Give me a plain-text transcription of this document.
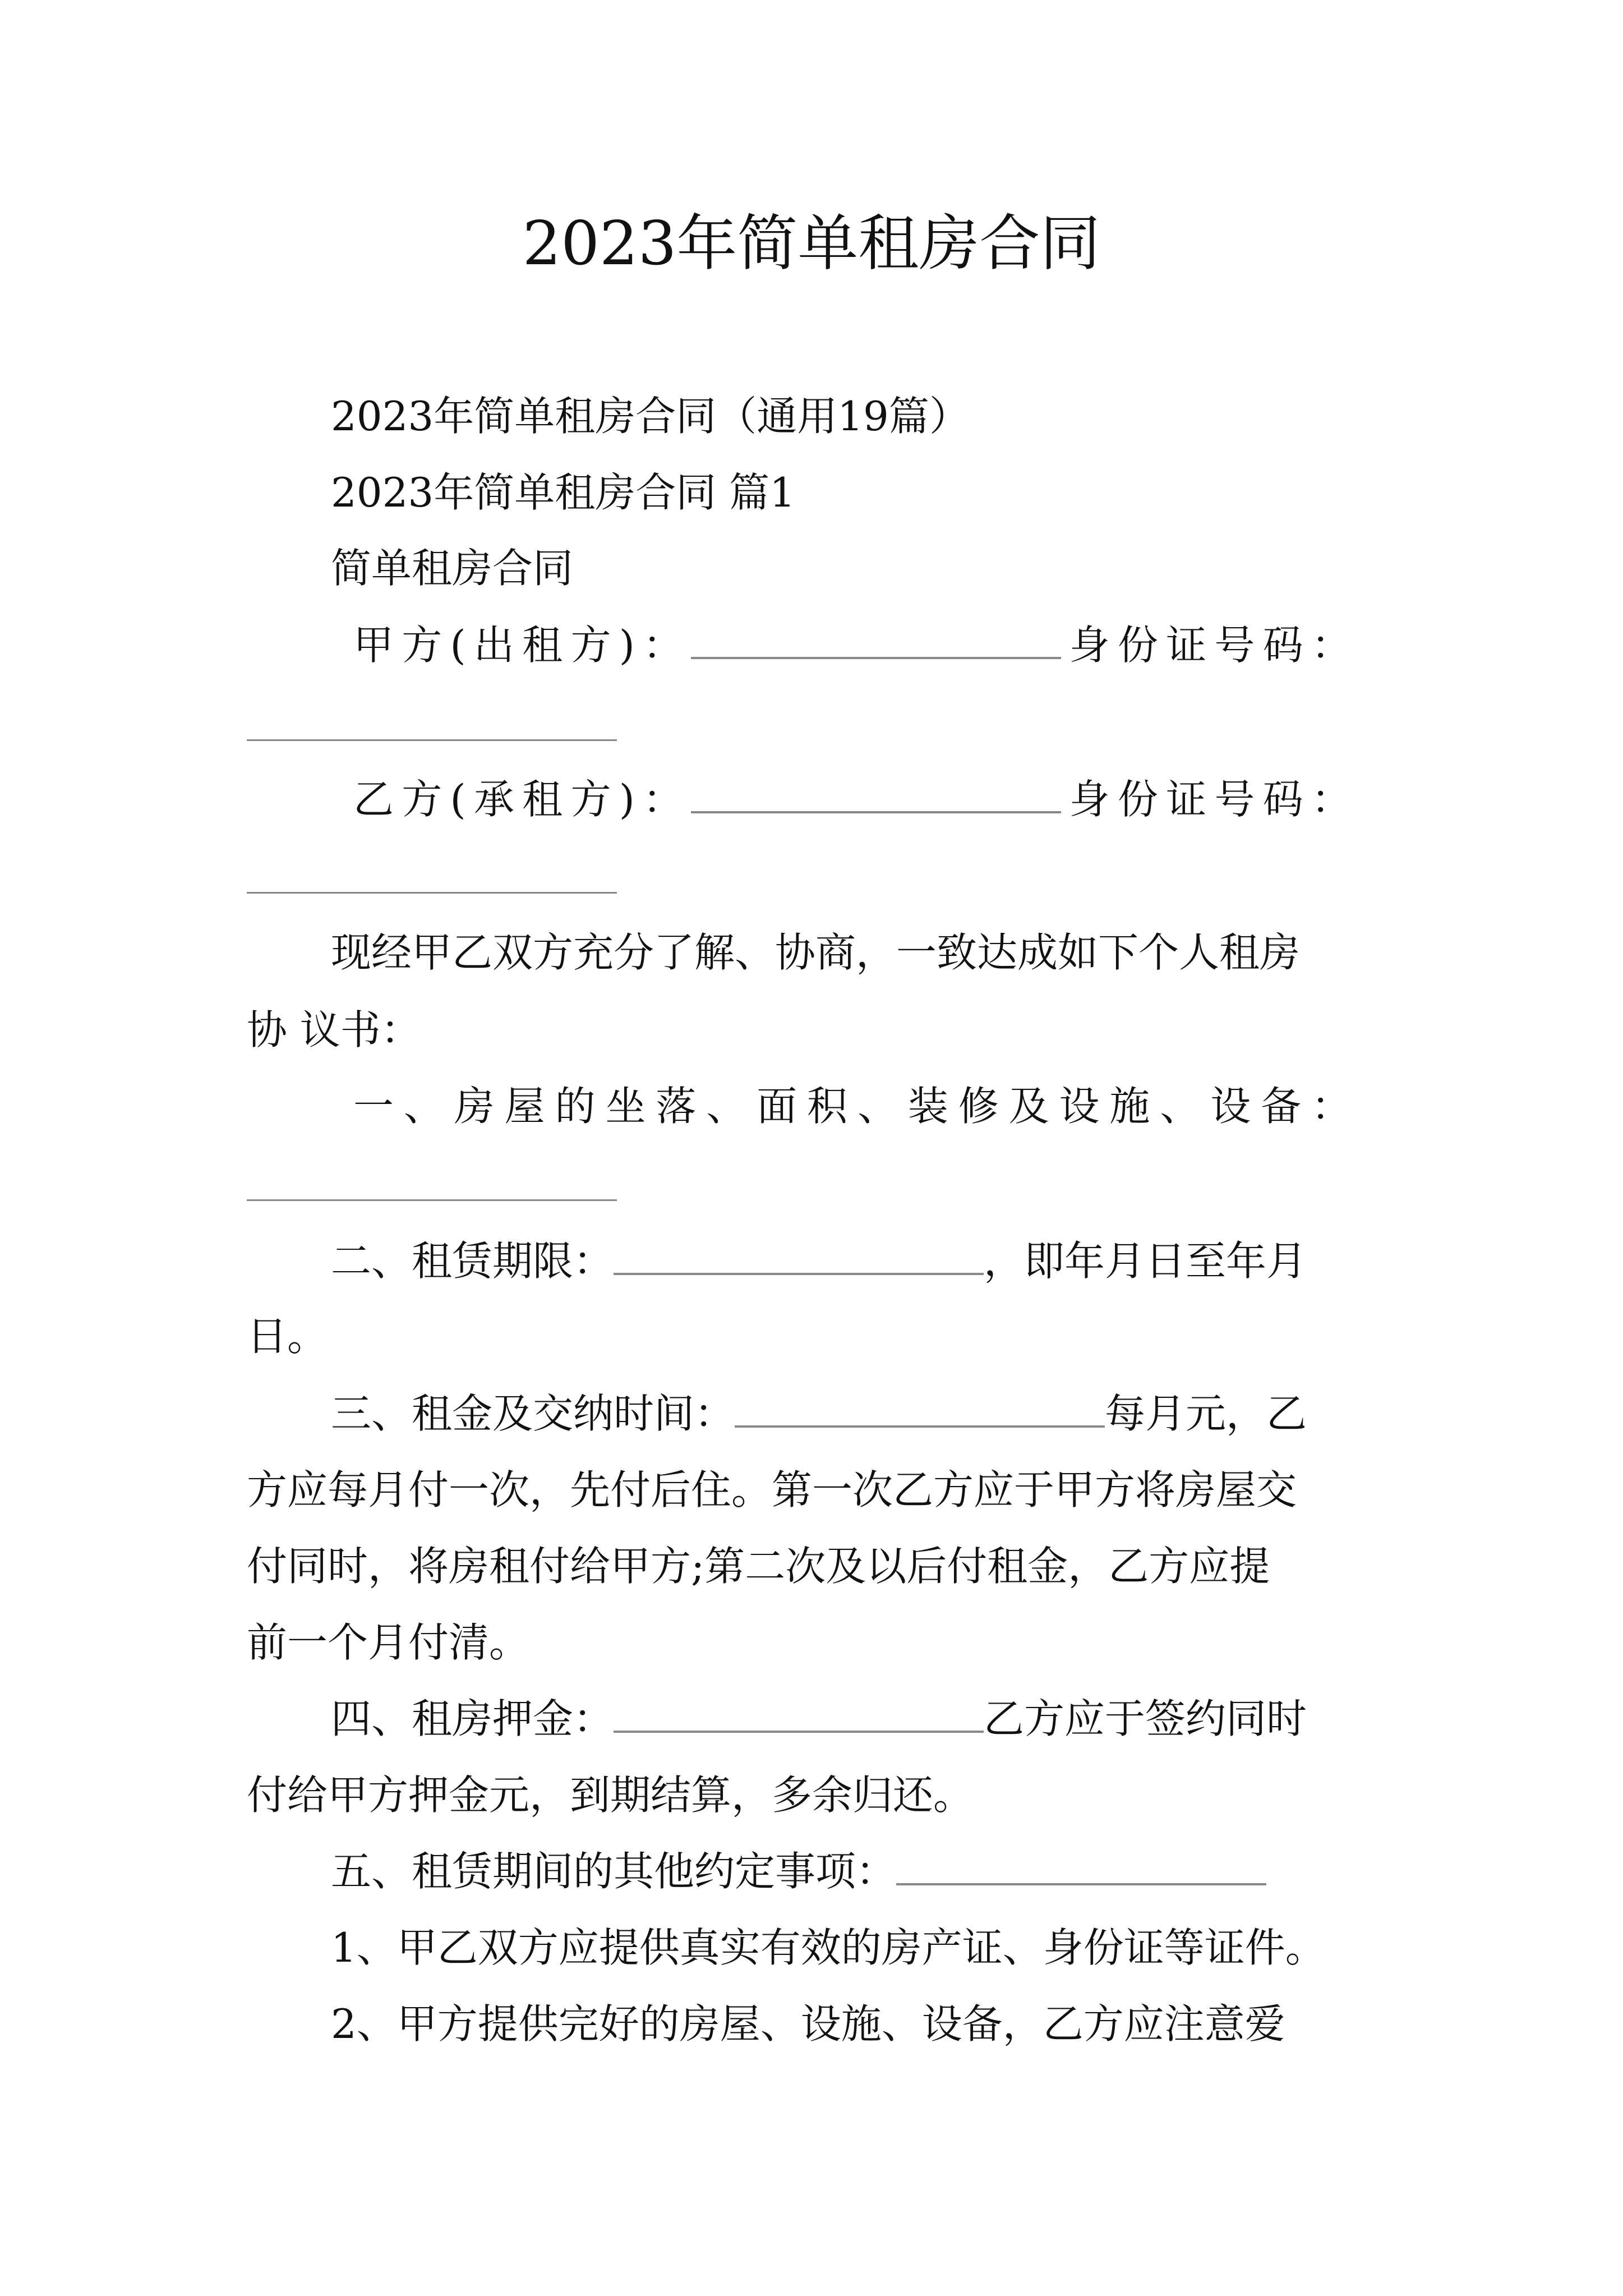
2023年简单租房合同
2023年简单租房合同（通用19篇）
2023年简单租房合同 篇1
简单租房合同
甲方(出租方)：	身份证号码：
乙方(承租方)：	身份证号码：
现经甲乙双方充分了解、协商，一致达成如下个人租房
协 议书：
一、房屋的坐落、面积、装修及设施、设备：
二、租赁期限：	，即年月日至年月
日。
三、租金及交纳时间：	每月元，乙
方应每月付一次，先付后住。第一次乙方应于甲方将房屋交
付同时，将房租付给甲方;第二次及以后付租金，乙方应提
前一个月付清。
四、租房押金：	乙方应于签约同时
付给甲方押金元，到期结算，多余归还。
五、租赁期间的其他约定事项：
1、甲乙双方应提供真实有效的房产证、身份证等证件。
2、甲方提供完好的房屋、设施、设备，乙方应注意爱
